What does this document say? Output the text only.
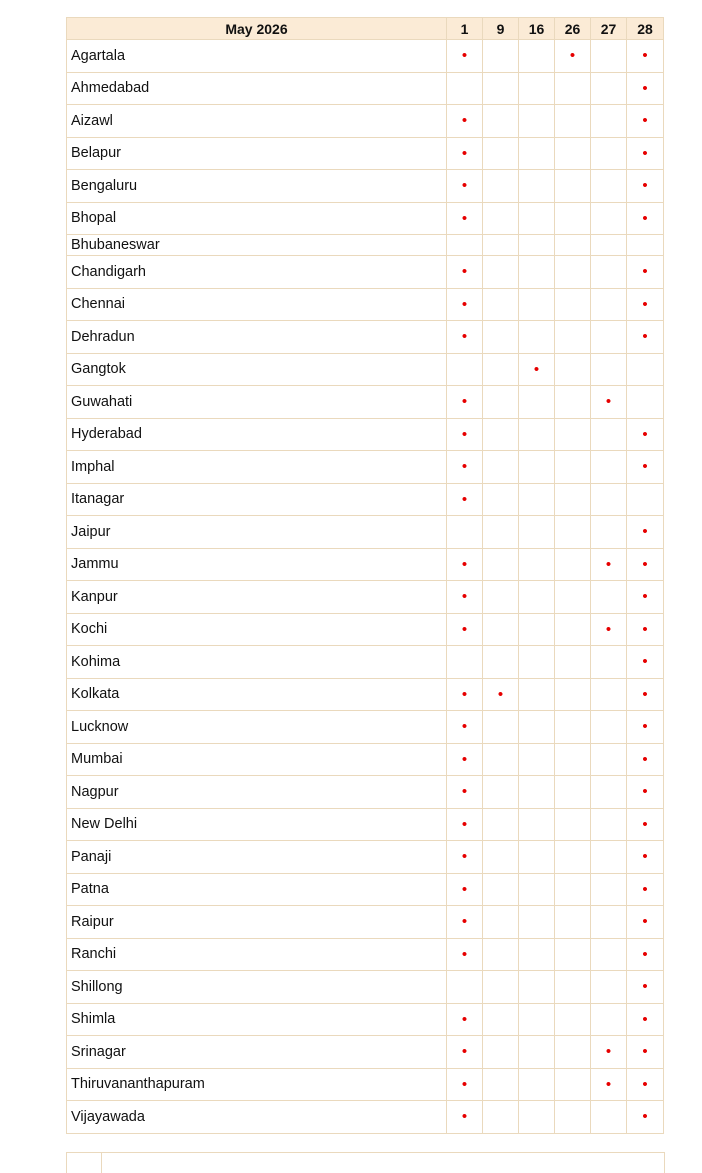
May 2026	1	9	16	26	27	28
Agartala	•			•		•
Ahmedabad						•
Aizawl	•					•
Belapur	•					•
Bengaluru	•					•
Bhopal	•					•
Bhubaneswar						
Chandigarh	•					•
Chennai	•					•
Dehradun	•					•
Gangtok			•			
Guwahati	•				•	
Hyderabad	•					•
Imphal	•					•
Itanagar	•					
Jaipur						•
Jammu	•				•	•
Kanpur	•					•
Kochi	•				•	•
Kohima						•
Kolkata	•	•				•
Lucknow	•					•
Mumbai	•					•
Nagpur	•					•
New Delhi	•					•
Panaji	•					•
Patna	•					•
Raipur	•					•
Ranchi	•					•
Shillong						•
Shimla	•					•
Srinagar	•				•	•
Thiruvananthapuram	•				•	•
Vijayawada	•					•
